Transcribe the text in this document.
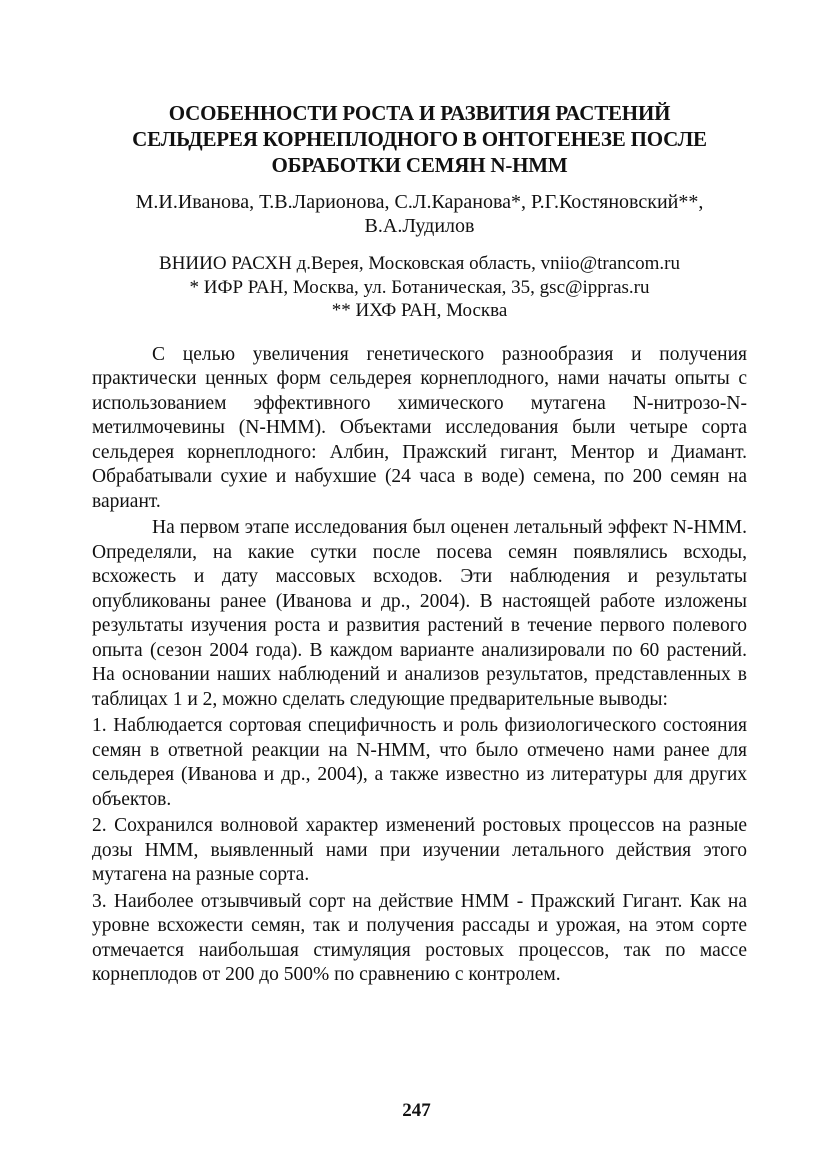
ОСОБЕННОСТИ РОСТА И РАЗВИТИЯ РАСТЕНИЙ
СЕЛЬДЕРЕЯ КОРНЕПЛОДНОГО В ОНТОГЕНЕЗЕ ПОСЛЕ
ОБРАБОТКИ СЕМЯН N-HMM
М.И.Иванова, Т.В.Ларионова, С.Л.Каранова*, Р.Г.Костяновский**,
В.А.Лудилов
ВНИИО РАСХН д.Верея, Московская область, vniio@trancom.ru
* ИФР РАН, Москва, ул. Ботаническая, 35, gsc@ippras.ru
** ИХФ РАН, Москва

С целью увеличения генетического разнообразия и получения практически ценных форм сельдерея корнеплодного, нами начаты опыты с использованием эффективного химического мутагена N-нитрозо-N-метилмочевины (N-HMM). Объектами исследования были четыре сорта сельдерея корнеплодного: Албин, Пражский гигант, Ментор и Диамант. Обрабатывали сухие и набухшие (24 часа в воде) семена, по 200 семян на вариант.

На первом этапе исследования был оценен летальный эффект N-HMM. Определяли, на какие сутки после посева семян появлялись всходы, всхожесть и дату массовых всходов. Эти наблюдения и результаты опубликованы ранее (Иванова и др., 2004). В настоящей работе изложены результаты изучения роста и развития растений в течение первого полевого опыта (сезон 2004 года). В каждом варианте анализировали по 60 растений. На основании наших наблюдений и анализов результатов, представленных в таблицах 1 и 2, можно сделать следующие предварительные выводы:

1. Наблюдается сортовая специфичность и роль физиологического состояния семян в ответной реакции на N-HMM, что было отмечено нами ранее для сельдерея (Иванова и др., 2004), а также известно из литературы для других объектов.

2. Сохранился волновой характер изменений ростовых процессов на разные дозы НММ, выявленный нами при изучении летального действия этого мутагена на разные сорта.

3. Наиболее отзывчивый сорт на действие НММ - Пражский Гигант. Как на уровне всхожести семян, так и получения рассады и урожая, на этом сорте отмечается наибольшая стимуляция ростовых процессов, так по массе корнеплодов от 200 до 500% по сравнению с контролем.

247
